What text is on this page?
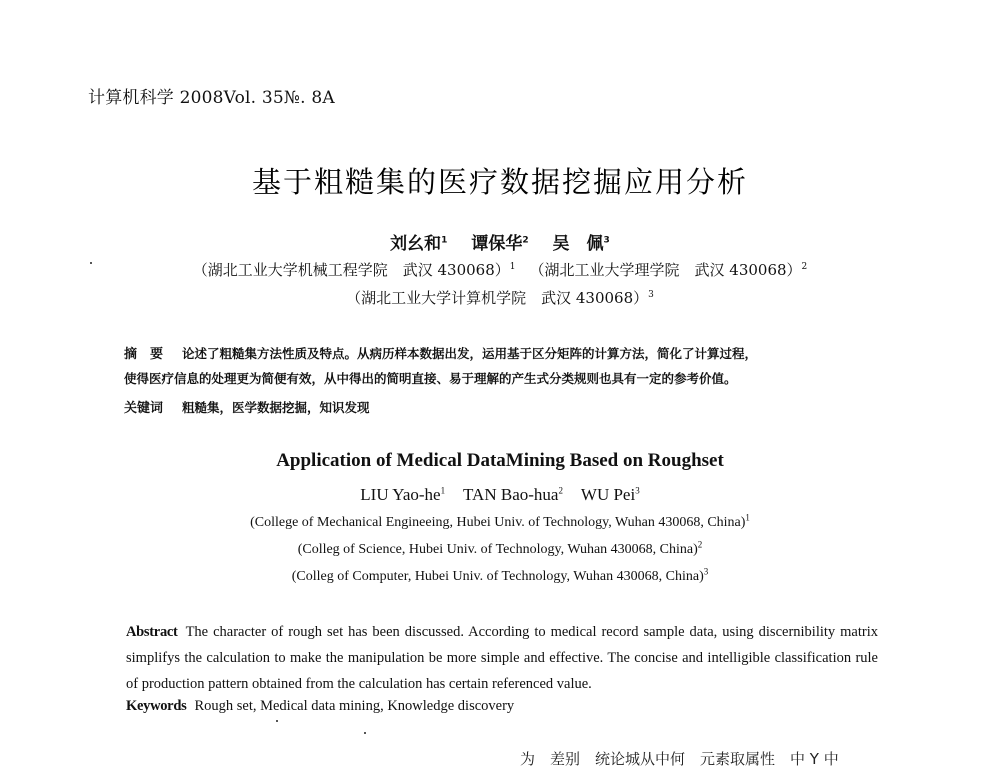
计算机科学 2008Vol. 35№. 8A
基于粗糙集的医疗数据挖掘应用分析
刘幺和$^1$ 谭保华$^2$ 吴　佩$^3$
（湖北工业大学机械工程学院　武汉 430068）$^1$ （湖北工业大学理学院　武汉 430068）$^2$
（湖北工业大学计算机学院　武汉 430068）$^3$
摘　要 论述了粗糙集方法性质及特点。从病历样本数据出发，运用基于区分矩阵的计算方法，简化了计算过程，
使得医疗信息的处理更为简便有效，从中得出的简明直接、易于理解的产生式分类规则也具有一定的参考价值。
关键词 粗糙集，医学数据挖掘，知识发现
Application of Medical DataMining Based on Roughset
LIU Yao-$he^1$ TAN Bao-hua$^2$ WU Pei$^3$
(College of Mechanical Engineeing, Hubei Univ. of Technology, Wuhan 430068, China)$^1$
(Colleg of Science, Hubei Univ. of Technology, Wuhan 430068, China)$^2$
(Colleg of Computer, Hubei Univ. of Technology, Wuhan 430068, China)$^3$
Abstract The character of rough set has been discussed. According to medical record sample data, using discernibility matrix simplifys the calculation to make the manipulation be more simple and effective. The concise and intelligible classification rule of production pattern obtained from the calculation has certain referenced value.
Keywords Rough set, Medical data mining, Knowledge discovery
为　差别　统论城从中何　元素取属性　中 Y 中
